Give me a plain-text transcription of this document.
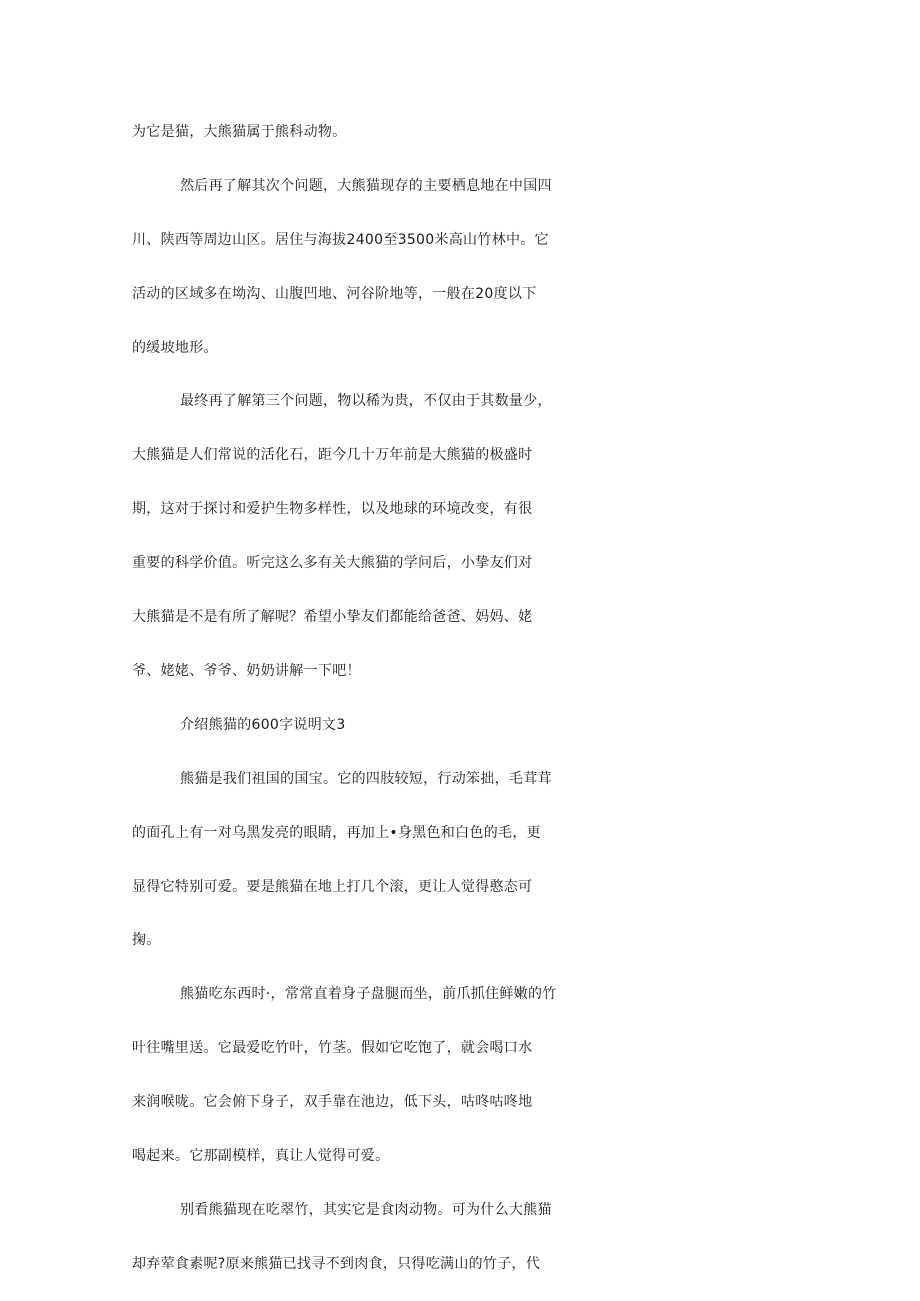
为它是猫，大熊猫属于熊科动物。
然后再了解其次个问题，大熊猫现存的主要栖息地在中国四
川、陕西等周边山区。居住与海拔2400至3500米高山竹林中。它
活动的区域多在坳沟、山腹凹地、河谷阶地等，一般在20度以下
的缓坡地形。
最终再了解第三个问题，物以稀为贵，不仅由于其数量少，
大熊猫是人们常说的活化石，距今几十万年前是大熊猫的极盛时
期，这对于探讨和爱护生物多样性，以及地球的环境改变，有很
重要的科学价值。听完这么多有关大熊猫的学问后，小挚友们对
大熊猫是不是有所了解呢？希望小挚友们都能给爸爸、妈妈、姥
爷、姥姥、爷爷、奶奶讲解一下吧！
介绍熊猫的600字说明文3
熊猫是我们祖国的国宝。它的四肢较短，行动笨拙，毛茸茸
的面孔上有一对乌黑发亮的眼睛，再加上•身黑色和白色的毛，更
显得它特别可爱。要是熊猫在地上打几个滚，更让人觉得憨态可
掬。
熊猫吃东西时·，常常直着身子盘腿而坐，前爪抓住鲜嫩的竹
叶往嘴里送。它最爱吃竹叶，竹茎。假如它吃饱了，就会喝口水
来润喉咙。它会俯下身子，双手靠在池边，低下头，咕咚咕咚地
喝起来。它那副模样，真让人觉得可爱。
别看熊猫现在吃翠竹，其实它是食肉动物。可为什么大熊猫
却弃荤食素呢?原来熊猫已找寻不到肉食，只得吃满山的竹子，代
